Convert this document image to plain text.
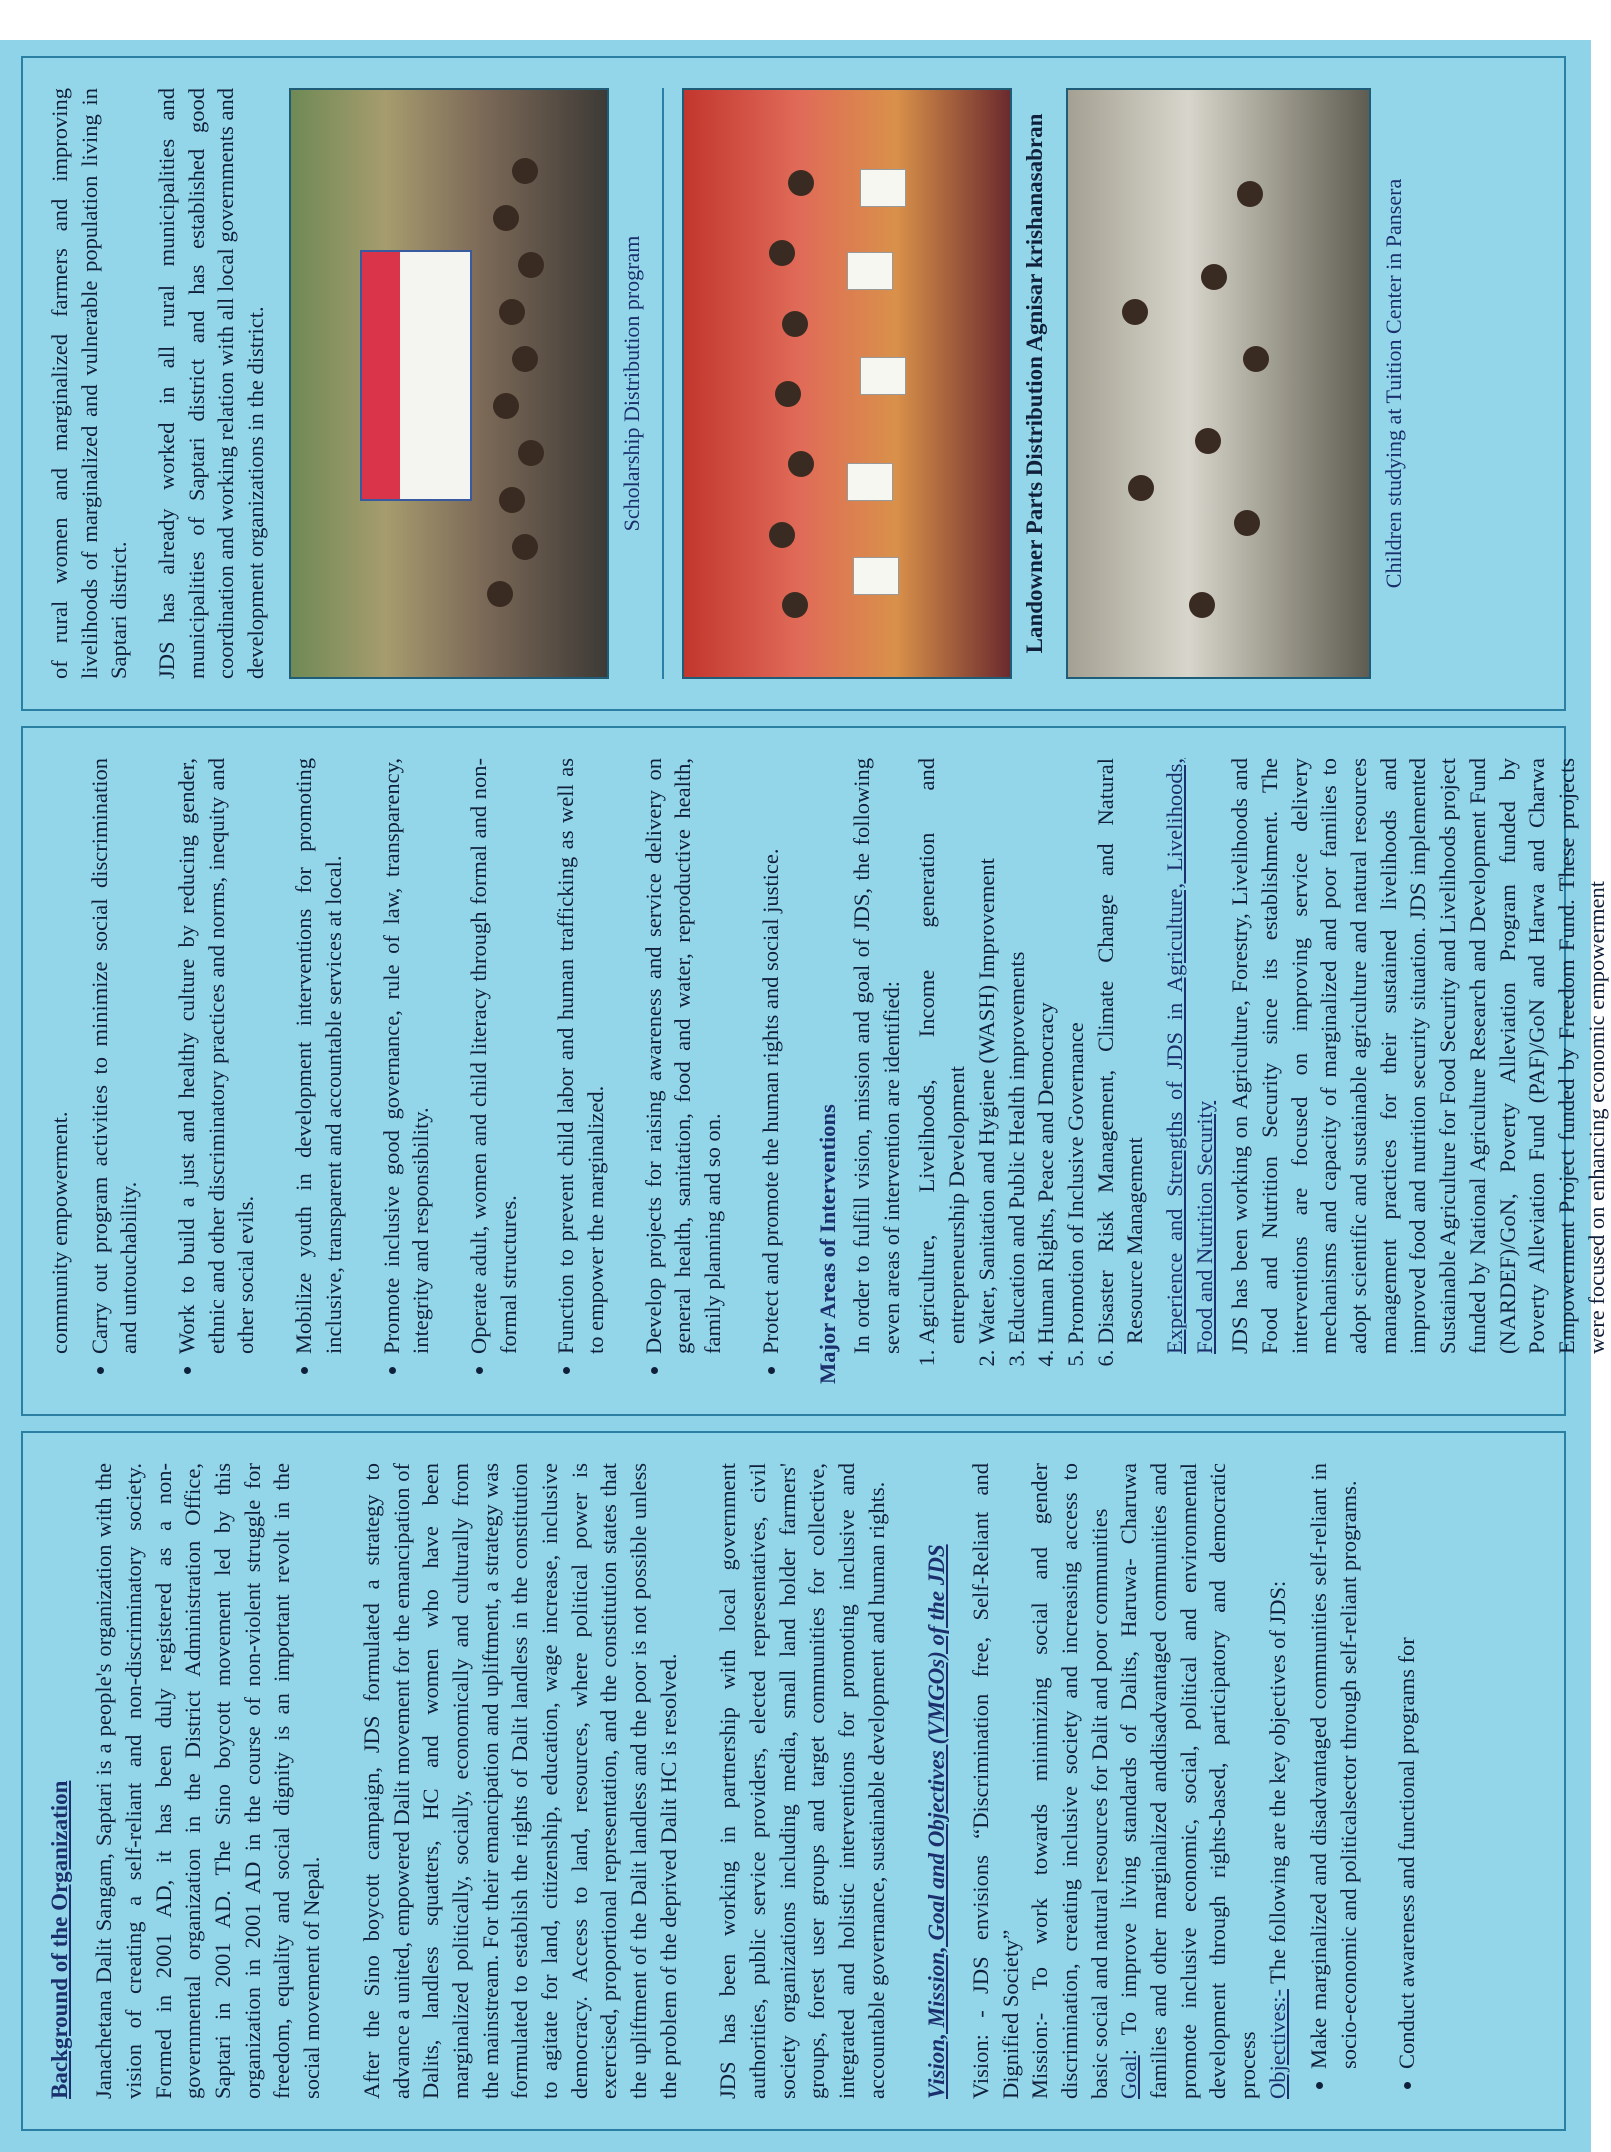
Background of the Organization Janachetana Dalit Sangam, Saptari is a people's organization with the vision of creating a self-reliant and non-discriminatory society. Formed in 2001 AD, it has been duly registered as a non-governmental organization in the District Administration Office, Saptari in 2001 AD. The Sino boycott movement led by this organization in 2001 AD in the course of non-violent struggle for freedom, equality and social dignity is an important revolt in the social movement of Nepal. After the Sino boycott campaign, JDS formulated a strategy to advance a united, empowered Dalit movement for the emancipation of Dalits, landless squatters, HC and women who have been marginalized politically, socially, economically and culturally from the mainstream. For their emancipation and upliftment, a strategy was formulated to establish the rights of Dalit landless in the constitution to agitate for land, citizenship, education, wage increase, inclusive democracy. Access to land, resources, where political power is exercised, proportional representation, and the constitution states that the upliftment of the Dalit landless and the poor is not possible unless the problem of the deprived Dalit HC is resolved. JDS has been working in partnership with local government authorities, public service providers, elected representatives, civil society organizations including media, small land holder farmers' groups, forest user groups and target communities for collective, integrated and holistic interventions for promoting inclusive and accountable governance, sustainable development and human rights. Vision, Mission, Goal and Objectives (VMGOs) of the JDS Vision: - JDS envisions “Discrimination free, Self-Reliant and Dignified Society” Mission:- To work towards minimizing social and gender discrimination, creating inclusive society and increasing access to basic social and natural resources for Dalit and poor communities Goal: To improve living standards of Dalits, Haruwa- Charuwa families and other marginalized anddisadvantaged communities and promote inclusive economic, social, political and environmental development through rights-based, participatory and democratic process Objectives:- The following are the key objectives of JDS: • Make marginalized and disadvantaged communities self-reliant in socio-economic and politicalsector through self-reliant programs. • Conduct awareness and functional programs for
community empowerment. • Carry out program activities to minimize social discrimination and untouchability. • Work to build a just and healthy culture by reducing gender, ethnic and other discriminatory practices and norms, inequity and other social evils. • Mobilize youth in development interventions for promoting inclusive, transparent and accountable services at local. • Promote inclusive good governance, rule of law, transparency, integrity and responsibility. • Operate adult, women and child literacy through formal and non-formal structures. • Function to prevent child labor and human trafficking as well as to empower the marginalized. • Develop projects for raising awareness and service delivery on general health, sanitation, food and water, reproductive health, family planning and so on. • Protect and promote the human rights and social justice. Major Areas of Interventions In order to fulfill vision, mission and goal of JDS, the following seven areas of intervention are identified: 1. Agriculture, Livelihoods, Income generation and entrepreneurship Development 2. Water, Sanitation and Hygiene (WASH) Improvement 3. Education and Public Health improvements 4. Human Rights, Peace and Democracy 5. Promotion of Inclusive Governance 6. Disaster Risk Management, Climate Change and Natural Resource Management Experience and Strengths of JDS in Agriculture, Livelihoods, Food and Nutrition Security JDS has been working on Agriculture, Forestry, Livelihoods and Food and Nutrition Security since its establishment. The interventions are focused on improving service delivery mechanisms and capacity of marginalized and poor families to adopt scientific and sustainable agriculture and natural resources management practices for their sustained livelihoods and improved food and nutrition security situation. JDS implemented Sustainable Agriculture for Food Security and Livelihoods project funded by National Agriculture Research and Development Fund (NARDEF)/GoN, Poverty Alleviation Program funded by Poverty Alleviation Fund (PAF)/GoN and Harwa and Charwa Empowerment Project funded by Freedom Fund. These projects were focused on enhancing economic empowerment

of rural women and marginalized farmers and improving livelihoods of marginalized and vulnerable population living in Saptari district. JDS has already worked in all rural municipalities and municipalities of Saptari district and has established good coordination and working relation with all local governments and development organizations in the district.	Scholarship Distribution program	Landowner Parts Distribution Agnisar krishanasabran	Children studying at Tuition Center in Pansera
